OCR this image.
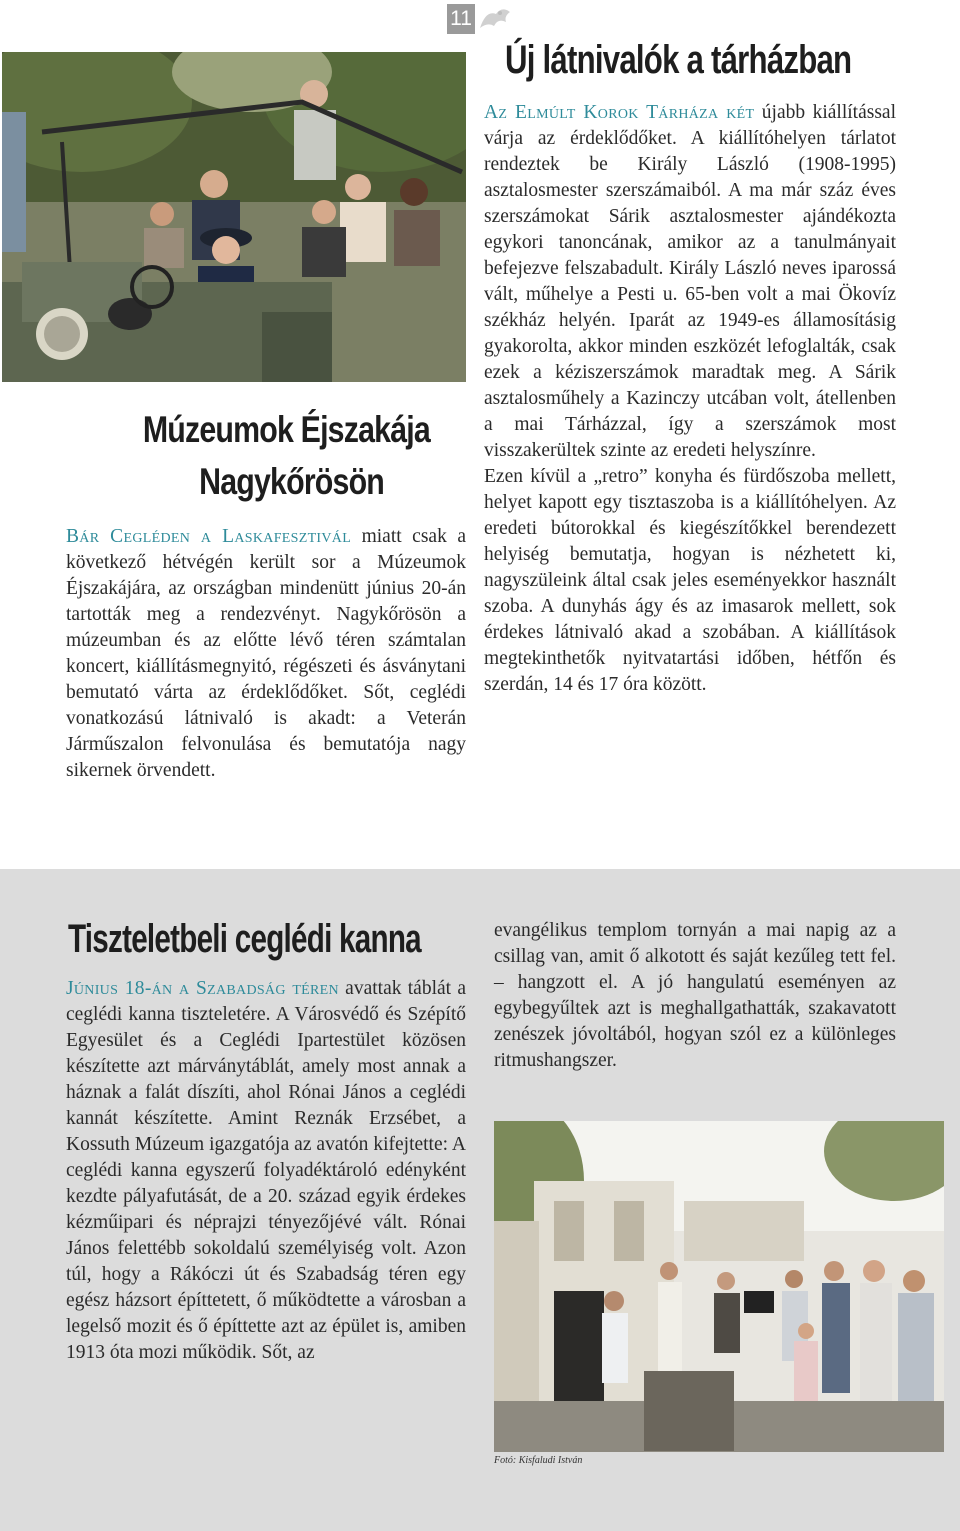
11
Új látnivalók a tárházban

Az Elmúlt Korok Tárháza két újabb kiállítással várja az érdeklődőket. A kiállítóhelyen tárlatot rendeztek be Király László (1908-1995) asztalosmester szerszámaiból. A ma már száz éves szerszámokat Sárik asztalosmester ajándékozta egykori tanoncának, amikor az a tanulmányait befejezve felszabadult. Király László neves iparossá vált, műhelye a Pesti u. 65-ben volt a mai Ökovíz székház helyén. Iparát az 1949-es államosításig gyakorolta, akkor minden eszközét lefoglalták, csak ezek a kéziszerszámok maradtak meg. A Sárik asztalosműhely a Kazinczy utcában volt, átellenben a mai Tárházzal, így a szerszámok most visszakerültek szinte az eredeti helyszínre.

Ezen kívül a „retro” konyha és fürdőszoba mellett, helyet kapott egy tisztaszoba is a kiállítóhelyen. Az eredeti bútorokkal és kiegészítőkkel berendezett helyiség bemutatja, hogyan is nézhetett ki, nagyszüleink által csak jeles eseményekkor használt szoba. A dunyhás ágy és az imasarok mellett, sok érdekes látnivaló akad a szobában. A kiállítások megtekinthetők nyitvatartási időben, hétfőn és szerdán, 14 és 17 óra között.

Múzeumok Éjszakája
Nagykőrösön

Bár Cegléden a Laskafesztivál miatt csak a következő hétvégén került sor a Múzeumok Éjszakájára, az országban mindenütt június 20-án tartották meg a rendezvényt. Nagykőrösön a múzeumban és az előtte lévő téren számtalan koncert, kiállításmegnyitó, régészeti és ásványtani bemutató várta az érdeklődőket. Sőt, ceglédi vonatkozású látnivaló is akadt: a Veterán Járműszalon felvonulása és bemutatója nagy sikernek örvendett.

Tiszteletbeli ceglédi kanna

Június 18-án a Szabadság téren avattak táblát a ceglédi kanna tiszteletére. A Városvédő és Szépítő Egyesület és a Ceglédi Ipartestület közösen készítette azt márványtáblát, amely most annak a háznak a falát díszíti, ahol Rónai János a ceglédi kannát készítette. Amint Reznák Erzsébet, a Kossuth Múzeum igazgatója az avatón kifejtette: A ceglédi kanna egyszerű folyadéktároló edényként kezdte pályafutását, de a 20. század egyik érdekes kézműipari és néprajzi tényezőjévé vált. Rónai János felettébb sokoldalú személyiség volt. Azon túl, hogy a Rákóczi út és Szabadság téren egy egész házsort építtetett, ő működtette a városban a legelső mozit és ő építtette azt az épület is, amiben 1913 óta mozi működik. Sőt, az

evangélikus templom tornyán a mai napig az a csillag van, amit ő alkotott és saját kezűleg tett fel. – hangzott el. A jó hangulatú eseményen az egybegyűltek azt is meghallgathatták, szakavatott zenészek jóvoltából, hogyan szól ez a különleges ritmushangszer.

Fotó: Kisfaludi István
